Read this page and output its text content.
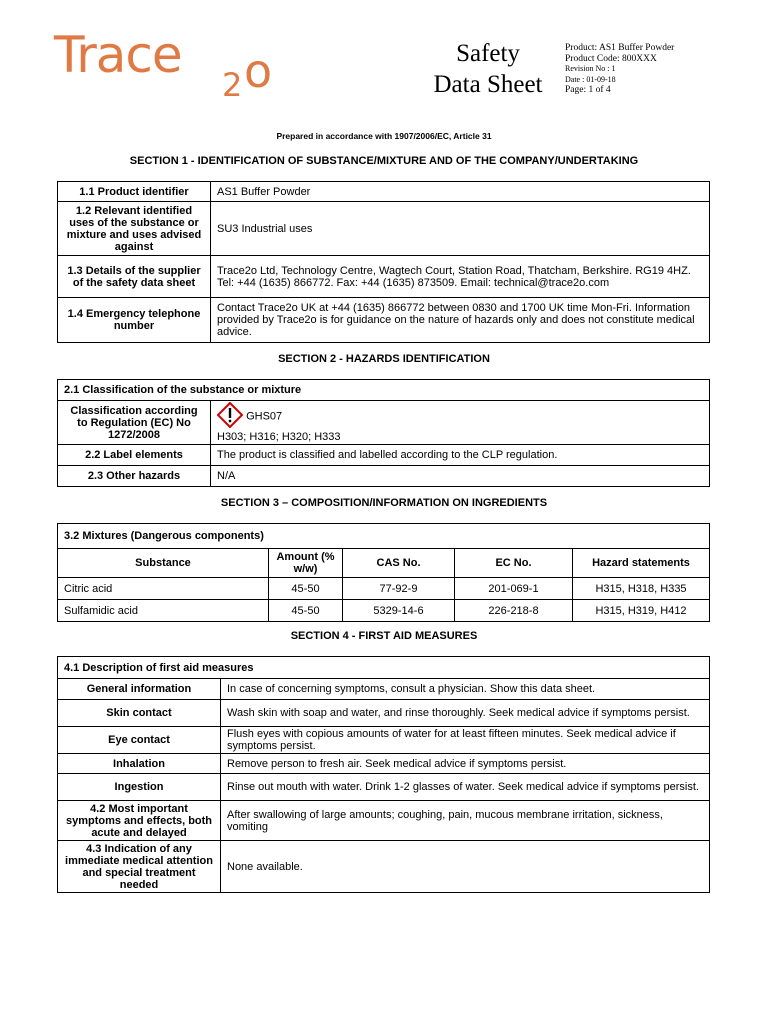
Trace
2 o	Safety
Data Sheet
Product: AS1 Buffer Powder
Product Code: 800XXX
Revision No : 1
Date : 01-09-18
Page: 1 of 4
Prepared in accordance with 1907/2006/EC, Article 31
SECTION 1 - IDENTIFICATION OF SUBSTANCE/MIXTURE AND OF THE COMPANY/UNDERTAKING
1.1 Product identifier	AS1 Buffer Powder
1.2 Relevant identified uses of the substance or mixture and uses advised against	SU3 Industrial uses
1.3 Details of the supplier of the safety data sheet	Trace2o Ltd, Technology Centre, Wagtech Court, Station Road, Thatcham, Berkshire. RG19 4HZ. Tel: +44 (1635) 866772. Fax: +44 (1635) 873509. Email: technical@trace2o.com
1.4 Emergency telephone number	Contact Trace2o UK at +44 (1635) 866772 between 0830 and 1700 UK time Mon-Fri. Information provided by Trace2o is for guidance on the nature of hazards only and does not constitute medical advice.
SECTION 2 - HAZARDS IDENTIFICATION
2.1 Classification of the substance or mixture	
Classification according to Regulation (EC) No 1272/2008	GHS07
H303; H316; H320; H333
2.2 Label elements	The product is classified and labelled according to the CLP regulation.
2.3 Other hazards	N/A
SECTION 3 – COMPOSITION/INFORMATION ON INGREDIENTS
3.2 Mixtures (Dangerous components)				
Substance	Amount (% w/w)	CAS No.	EC No.	Hazard statements
Citric acid	45-50	77-92-9	201-069-1	H315, H318, H335
Sulfamidic acid	45-50	5329-14-6	226-218-8	H315, H319, H412
SECTION 4 - FIRST AID MEASURES
4.1 Description of first aid measures	
General information	In case of concerning symptoms, consult a physician. Show this data sheet.
Skin contact	Wash skin with soap and water, and rinse thoroughly. Seek medical advice if symptoms persist.
Eye contact	Flush eyes with copious amounts of water for at least fifteen minutes. Seek medical advice if symptoms persist.
Inhalation	Remove person to fresh air. Seek medical advice if symptoms persist.
Ingestion	Rinse out mouth with water. Drink 1-2 glasses of water. Seek medical advice if symptoms persist.
4.2 Most important symptoms and effects, both acute and delayed	After swallowing of large amounts; coughing, pain, mucous membrane irritation, sickness, vomiting
4.3 Indication of any immediate medical attention and special treatment needed	None available.
